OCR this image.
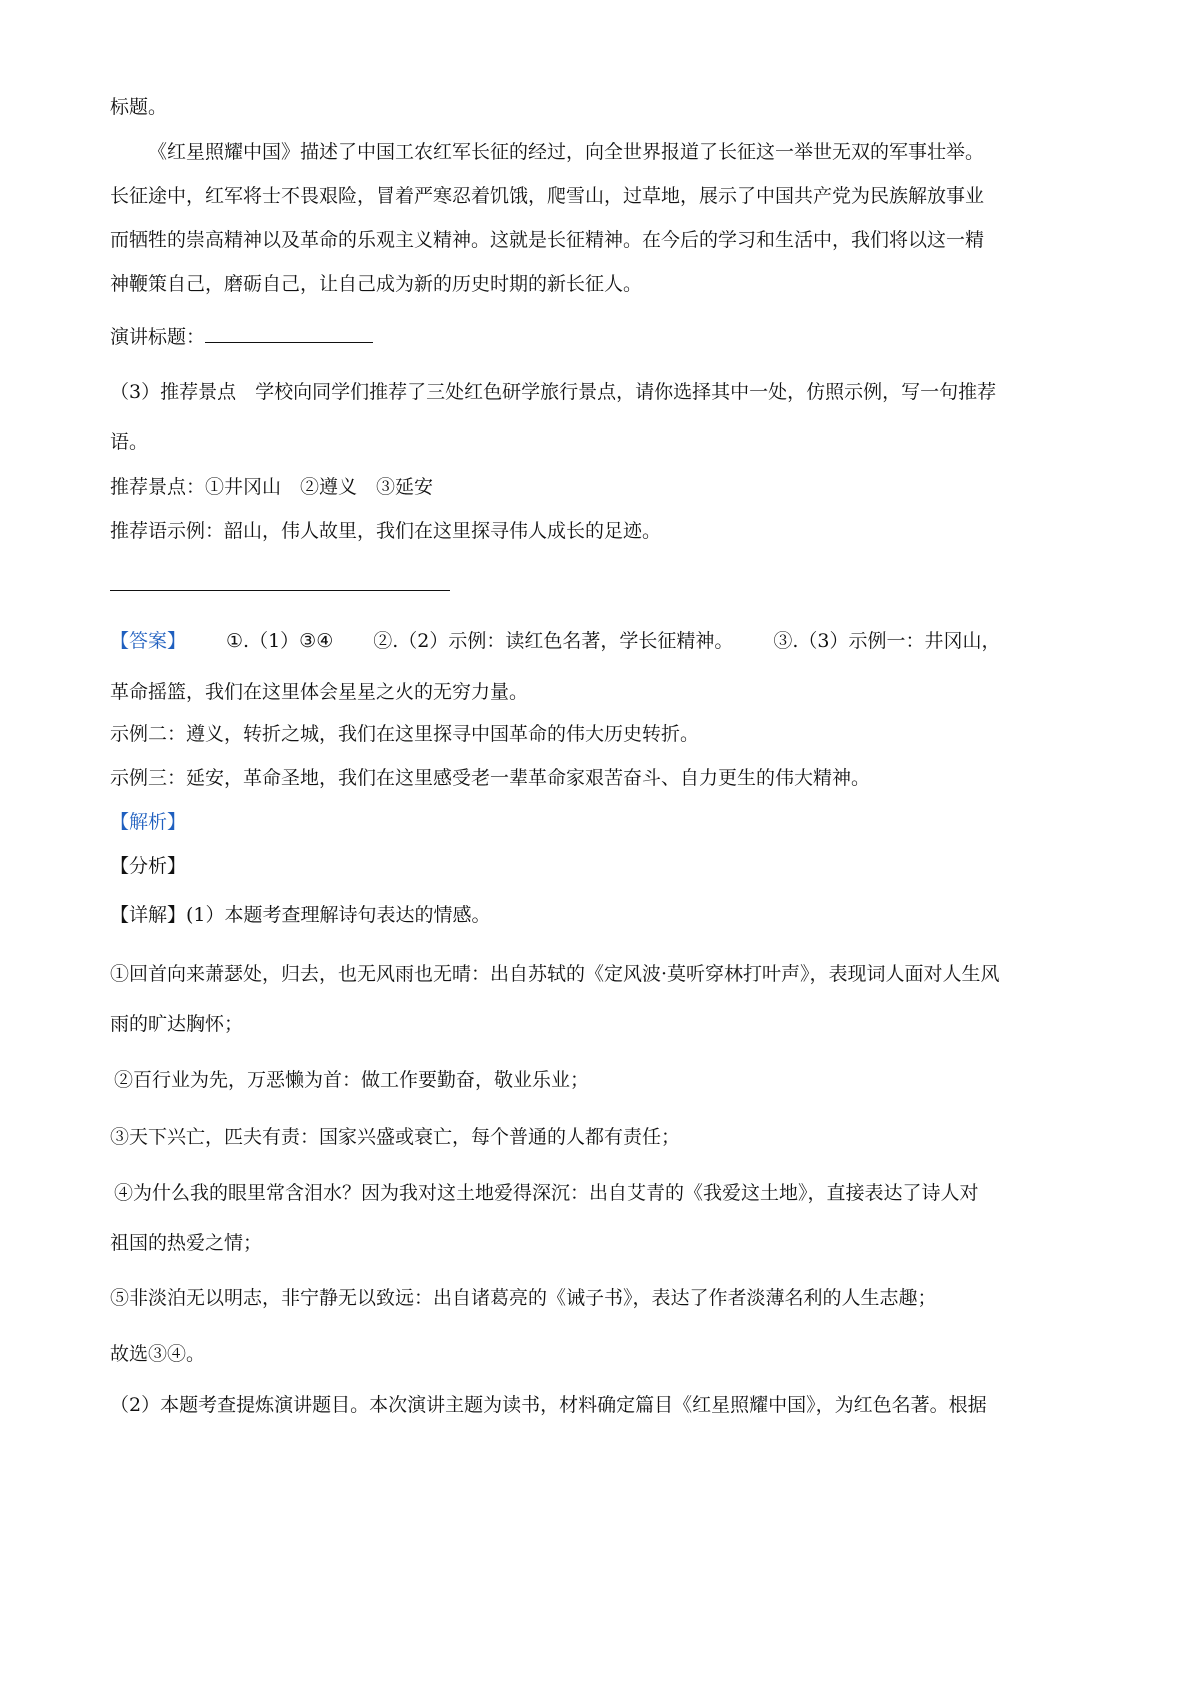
标题。
《红星照耀中国》描述了中国工农红军长征的经过，向全世界报道了长征这一举世无双的军事壮举。
长征途中，红军将士不畏艰险，冒着严寒忍着饥饿，爬雪山，过草地，展示了中国共产党为民族解放事业
而牺牲的崇高精神以及革命的乐观主义精神。这就是长征精神。在今后的学习和生活中，我们将以这一精
神鞭策自己，磨砺自己，让自己成为新的历史时期的新长征人。
演讲标题：
（3）推荐景点　学校向同学们推荐了三处红色研学旅行景点，请你选择其中一处，仿照示例，写一句推荐
语。
推荐景点：①井冈山　②遵义　③延安
推荐语示例：韶山，伟人故里，我们在这里探寻伟人成长的足迹。
【答案】 ①.（1）③④ ②.（2）示例：读红色名著，学长征精神。 ③.（3）示例一：井冈山，
革命摇篮，我们在这里体会星星之火的无穷力量。
示例二：遵义，转折之城，我们在这里探寻中国革命的伟大历史转折。
示例三：延安，革命圣地，我们在这里感受老一辈革命家艰苦奋斗、自力更生的伟大精神。
【解析】
【分析】
【详解】(1）本题考查理解诗句表达的情感。
①回首向来萧瑟处，归去，也无风雨也无晴：出自苏轼的《定风波·莫听穿林打叶声》，表现词人面对人生风
雨的旷达胸怀；
②百行业为先，万恶懒为首：做工作要勤奋，敬业乐业；
③天下兴亡，匹夫有责：国家兴盛或衰亡，每个普通的人都有责任；
④为什么我的眼里常含泪水？因为我对这土地爱得深沉：出自艾青的《我爱这土地》，直接表达了诗人对
祖国的热爱之情；
⑤非淡泊无以明志，非宁静无以致远：出自诸葛亮的《诫子书》，表达了作者淡薄名利的人生志趣；
故选③④。
（2）本题考查提炼演讲题目。本次演讲主题为读书，材料确定篇目《红星照耀中国》，为红色名著。根据
